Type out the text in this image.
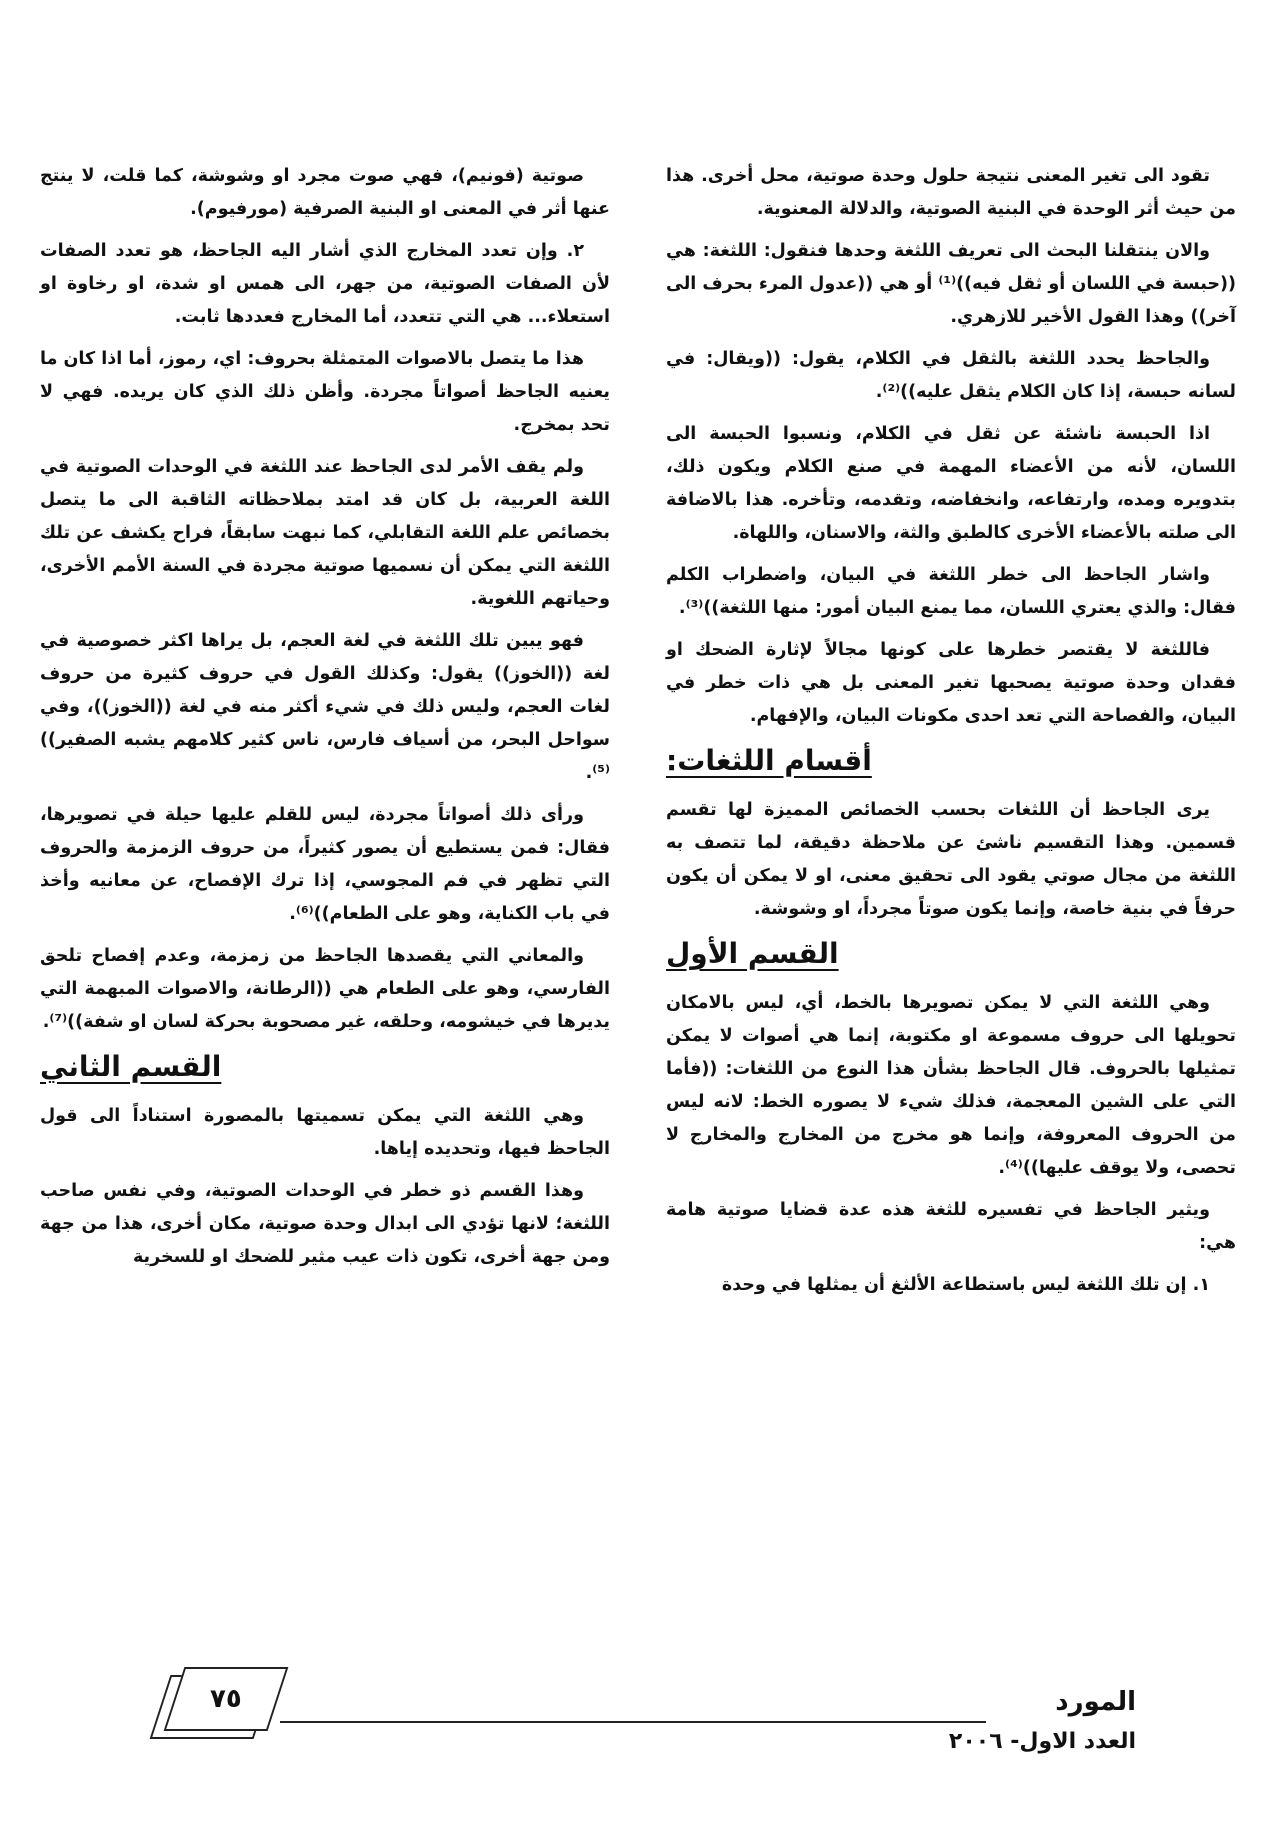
تقود الى تغير المعنى نتيجة حلول وحدة صوتية، محل أخرى. هذا من حيث أثر الوحدة في البنية الصوتية، والدلالة المعنوية.

والان ينتقلنا البحث الى تعريف اللثغة وحدها فنقول: اللثغة: هي ((حبسة في اللسان أو ثقل فيه))⁽¹⁾ أو هي ((عدول المرء بحرف الى آخر)) وهذا القول الأخير للازهري.

والجاحظ يحدد اللثغة بالثقل في الكلام، يقول: ((ويقال: في لسانه حبسة، إذا كان الكلام يثقل عليه))⁽²⁾.

اذا الحبسة ناشئة عن ثقل في الكلام، ونسبوا الحبسة الى اللسان، لأنه من الأعضاء المهمة في صنع الكلام ويكون ذلك، بتدويره ومده، وارتفاعه، وانخفاضه، وتقدمه، وتأخره. هذا بالاضافة الى صلته بالأعضاء الأخرى كالطبق والثة، والاسنان، واللهاة.

واشار الجاحظ الى خطر اللثغة في البيان، واضطراب الكلم فقال: والذي يعتري اللسان، مما يمنع البيان أمور: منها اللثغة))⁽³⁾.

فاللثغة لا يقتصر خطرها على كونها مجالاً لإثارة الضحك او فقدان وحدة صوتية يصحبها تغير المعنى بل هي ذات خطر في البيان، والفصاحة التي تعد احدى مكونات البيان، والإفهام.

أقسام اللثغات:

يرى الجاحظ أن اللثغات بحسب الخصائص المميزة لها تقسم قسمين. وهذا التقسيم ناشئ عن ملاحظة دقيقة، لما تتصف به اللثغة من مجال صوتي يقود الى تحقيق معنى، او لا يمكن أن يكون حرفاً في بنية خاصة، وإنما يكون صوتاً مجرداً، او وشوشة.

القسم الأول

وهي اللثغة التي لا يمكن تصويرها بالخط، أي، ليس بالامكان تحويلها الى حروف مسموعة او مكتوبة، إنما هي أصوات لا يمكن تمثيلها بالحروف. قال الجاحظ بشأن هذا النوع من اللثغات: ((فأما التي على الشين المعجمة، فذلك شيء لا يصوره الخط: لانه ليس من الحروف المعروفة، وإنما هو مخرج من المخارج والمخارج لا تحصى، ولا يوقف عليها))⁽⁴⁾.

ويثير الجاحظ في تفسيره للثغة هذه عدة قضايا صوتية هامة هي:

١. إن تلك اللثغة ليس باستطاعة الألثغ أن يمثلها في وحدة

صوتية (فونيم)، فهي صوت مجرد او وشوشة، كما قلت، لا ينتج عنها أثر في المعنى او البنية الصرفية (مورفيوم).

٢. وإن تعدد المخارج الذي أشار اليه الجاحظ، هو تعدد الصفات لأن الصفات الصوتية، من جهر، الى همس او شدة، او رخاوة او استعلاء... هي التي تتعدد، أما المخارج فعددها ثابت.

هذا ما يتصل بالاصوات المتمثلة بحروف: اي، رموز، أما اذا كان ما يعنيه الجاحظ أصواتاً مجردة. وأظن ذلك الذي كان يريده. فهي لا تحد بمخرج.

ولم يقف الأمر لدى الجاحظ عند اللثغة في الوحدات الصوتية في اللغة العربية، بل كان قد امتد بملاحظاته الثاقبة الى ما يتصل بخصائص علم اللغة التقابلي، كما نبهت سابقاً، فراح يكشف عن تلك اللثغة التي يمكن أن نسميها صوتية مجردة في السنة الأمم الأخرى، وحياتهم اللغوية.

فهو يبين تلك اللثغة في لغة العجم، بل يراها اكثر خصوصية في لغة ((الخوز)) يقول: وكذلك القول في حروف كثيرة من حروف لغات العجم، وليس ذلك في شيء أكثر منه في لغة ((الخوز))، وفي سواحل البحر، من أسياف فارس، ناس كثير كلامهم يشبه الصفير))⁽⁵⁾.

ورأى ذلك أصواتاً مجردة، ليس للقلم عليها حيلة في تصويرها، فقال: فمن يستطيع أن يصور كثيراً، من حروف الزمزمة والحروف التي تظهر في فم المجوسي، إذا ترك الإفصاح، عن معانيه وأخذ في باب الكناية، وهو على الطعام))⁽⁶⁾.

والمعاني التي يقصدها الجاحظ من زمزمة، وعدم إفصاح تلحق الفارسي، وهو على الطعام هي ((الرطانة، والاصوات المبهمة التي يديرها في خيشومه، وحلقه، غير مصحوبة بحركة لسان او شفة))⁽⁷⁾.

القسم الثاني

وهي اللثغة التي يمكن تسميتها بالمصورة استناداً الى قول الجاحظ فيها، وتحديده إياها.

وهذا القسم ذو خطر في الوحدات الصوتية، وفي نفس صاحب اللثغة؛ لانها تؤدي الى ابدال وحدة صوتية، مكان أخرى، هذا من جهة ومن جهة أخرى، تكون ذات عيب مثير للضحك او للسخرية

٧٥	المورد
العدد الاول- ٢٠٠٦
